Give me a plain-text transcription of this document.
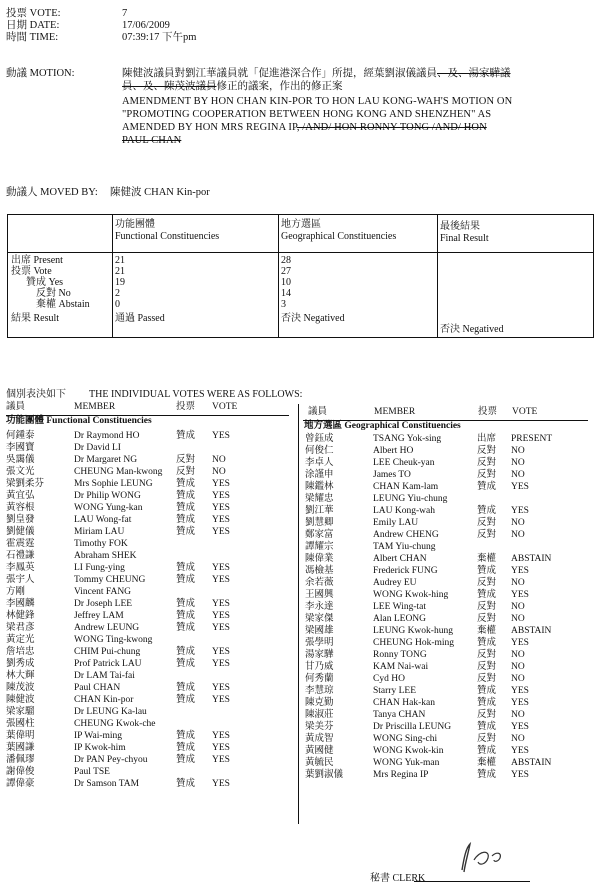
投票 VOTE:	7
日期 DATE:	17/06/2009
時間 TIME:	07:39:17 下午pm
動議 MOTION:	陳健波議員對劉江華議員就「促進港深合作」所提，經葉劉淑儀議員、及、湯家驊議
員、及、陳茂波議員修正的議案，作出的修正案
AMENDMENT BY HON CHAN KIN-POR TO HON LAU KONG-WAH'S MOTION ON
"PROMOTING COOPERATION BETWEEN HONG KONG AND SHENZHEN" AS
AMENDED BY HON MRS REGINA IP, /AND/ HON RONNY TONG /AND/ HON
PAUL CHAN
動議人 MOVED BY: 陳健波 CHAN Kin-por
功能團體
Functional Constituencies
地方選區
Geographical Constituencies
最後結果
Final Result
出席 Present	21	28
投票 Vote	21	27
贊成 Yes	19	10
反對 No	2	14
棄權 Abstain	0	3
結果 Result	通過 Passed	否決 Negatived
否決 Negatived
個別表決如下 THE INDIVIDUAL VOTES WERE AS FOLLOWS:
議員	MEMBER	投票 VOTE
功能團體 Functional Constituencies
議員	MEMBER	投票 VOTE
地方選區 Geographical Constituencies
何鍾泰	Dr Raymond HO	贊成 YES
李國寶	Dr David LI
吳靄儀	Dr Margaret NG	反對 NO
張文光	CHEUNG Man-kwong 反對 NO
梁劉柔芬	Mrs Sophie LEUNG 贊成 YES
黃宜弘	Dr Philip WONG	贊成 YES
黃容根	WONG Yung-kan	贊成 YES
劉皇發	LAU Wong-fat	贊成 YES
劉健儀	Miriam LAU	贊成 YES
霍震霆	Timothy FOK
石禮謙	Abraham SHEK
李鳳英	LI Fung-ying	贊成 YES
張宇人	Tommy CHEUNG	贊成 YES
方剛	Vincent FANG
李國麟	Dr Joseph LEE	贊成 YES
林健鋒	Jeffrey LAM	贊成 YES
梁君彥	Andrew LEUNG	贊成 YES
黃定光	WONG Ting-kwong
詹培忠	CHIM Pui-chung	贊成 YES
劉秀成	Prof Patrick LAU	贊成 YES
林大輝	Dr LAM Tai-fai
陳茂波	Paul CHAN	贊成 YES
陳健波	CHAN Kin-por	贊成 YES
梁家騮	Dr LEUNG Ka-lau
張國柱	CHEUNG Kwok-che
葉偉明	IP Wai-ming	贊成 YES
葉國謙	IP Kwok-him	贊成 YES
潘佩璆	Dr PAN Pey-chyou	贊成 YES
謝偉俊	Paul TSE
譚偉豪	Dr Samson TAM	贊成 YES
曾鈺成	TSANG Yok-sing	出席 PRESENT
何俊仁	Albert HO	反對 NO
李卓人	LEE Cheuk-yan	反對 NO
涂謹申	James TO	反對 NO
陳鑑林	CHAN Kam-lam	贊成 YES
梁耀忠	LEUNG Yiu-chung
劉江華	LAU Kong-wah	贊成 YES
劉慧卿	Emily LAU	反對 NO
鄭家富	Andrew CHENG	反對 NO
譚耀宗	TAM Yiu-chung
陳偉業	Albert CHAN	棄權 ABSTAIN
馮檢基	Frederick FUNG	贊成 YES
余若薇	Audrey EU	反對 NO
王國興	WONG Kwok-hing	贊成 YES
李永達	LEE Wing-tat	反對 NO
梁家傑	Alan LEONG	反對 NO
梁國雄	LEUNG Kwok-hung	棄權 ABSTAIN
張學明	CHEUNG Hok-ming 贊成 YES
湯家驊	Ronny TONG	反對 NO
甘乃威	KAM Nai-wai	反對 NO
何秀蘭	Cyd HO	反對 NO
李慧琼	Starry LEE	贊成 YES
陳克勤	CHAN Hak-kan	贊成 YES
陳淑莊	Tanya CHAN	反對 NO
梁美芬	Dr Priscilla LEUNG	贊成 YES
黃成智	WONG Sing-chi	反對 NO
黃國健	WONG Kwok-kin	贊成 YES
黃毓民	WONG Yuk-man	棄權 ABSTAIN
葉劉淑儀	Mrs Regina IP	贊成 YES
秘書 CLERK
